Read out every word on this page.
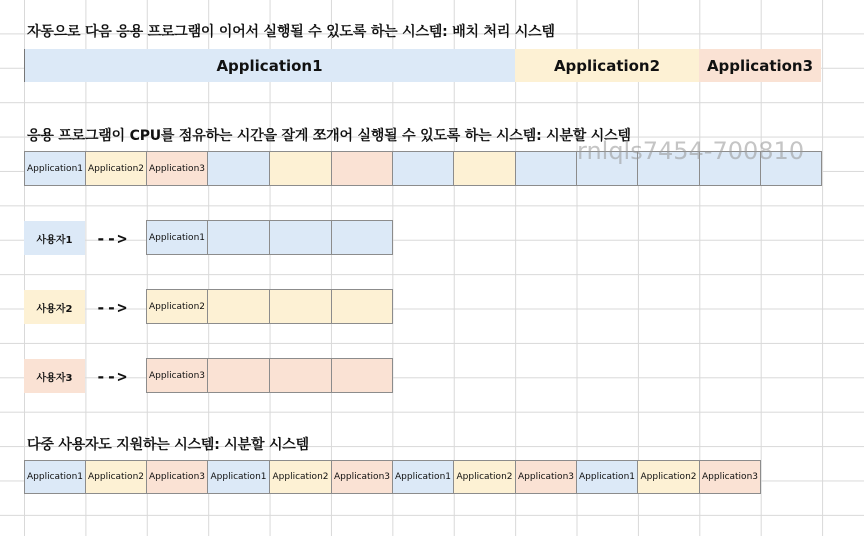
자동으로 다음 응용 프로그램이 이어서 실행될 수 있도록 하는 시스템: 배치 처리 시스템
Application1	Application2	Application3
응용 프로그램이 CPU를 점유하는 시간을 잘게 쪼개어 실행될 수 있도록 하는 시스템: 시분할 시스템
Application1 Application2 Application3
사용자1	-->	Application1
사용자2	-->	Application2
사용자3	-->	Application3
다중 사용자도 지원하는 시스템: 시분할 시스템
Application1 Application2 Application3 Application1 Application2 Application3 Application1 Application2 Application3 Application1 Application2 Application3
rnlqls7454-700810
